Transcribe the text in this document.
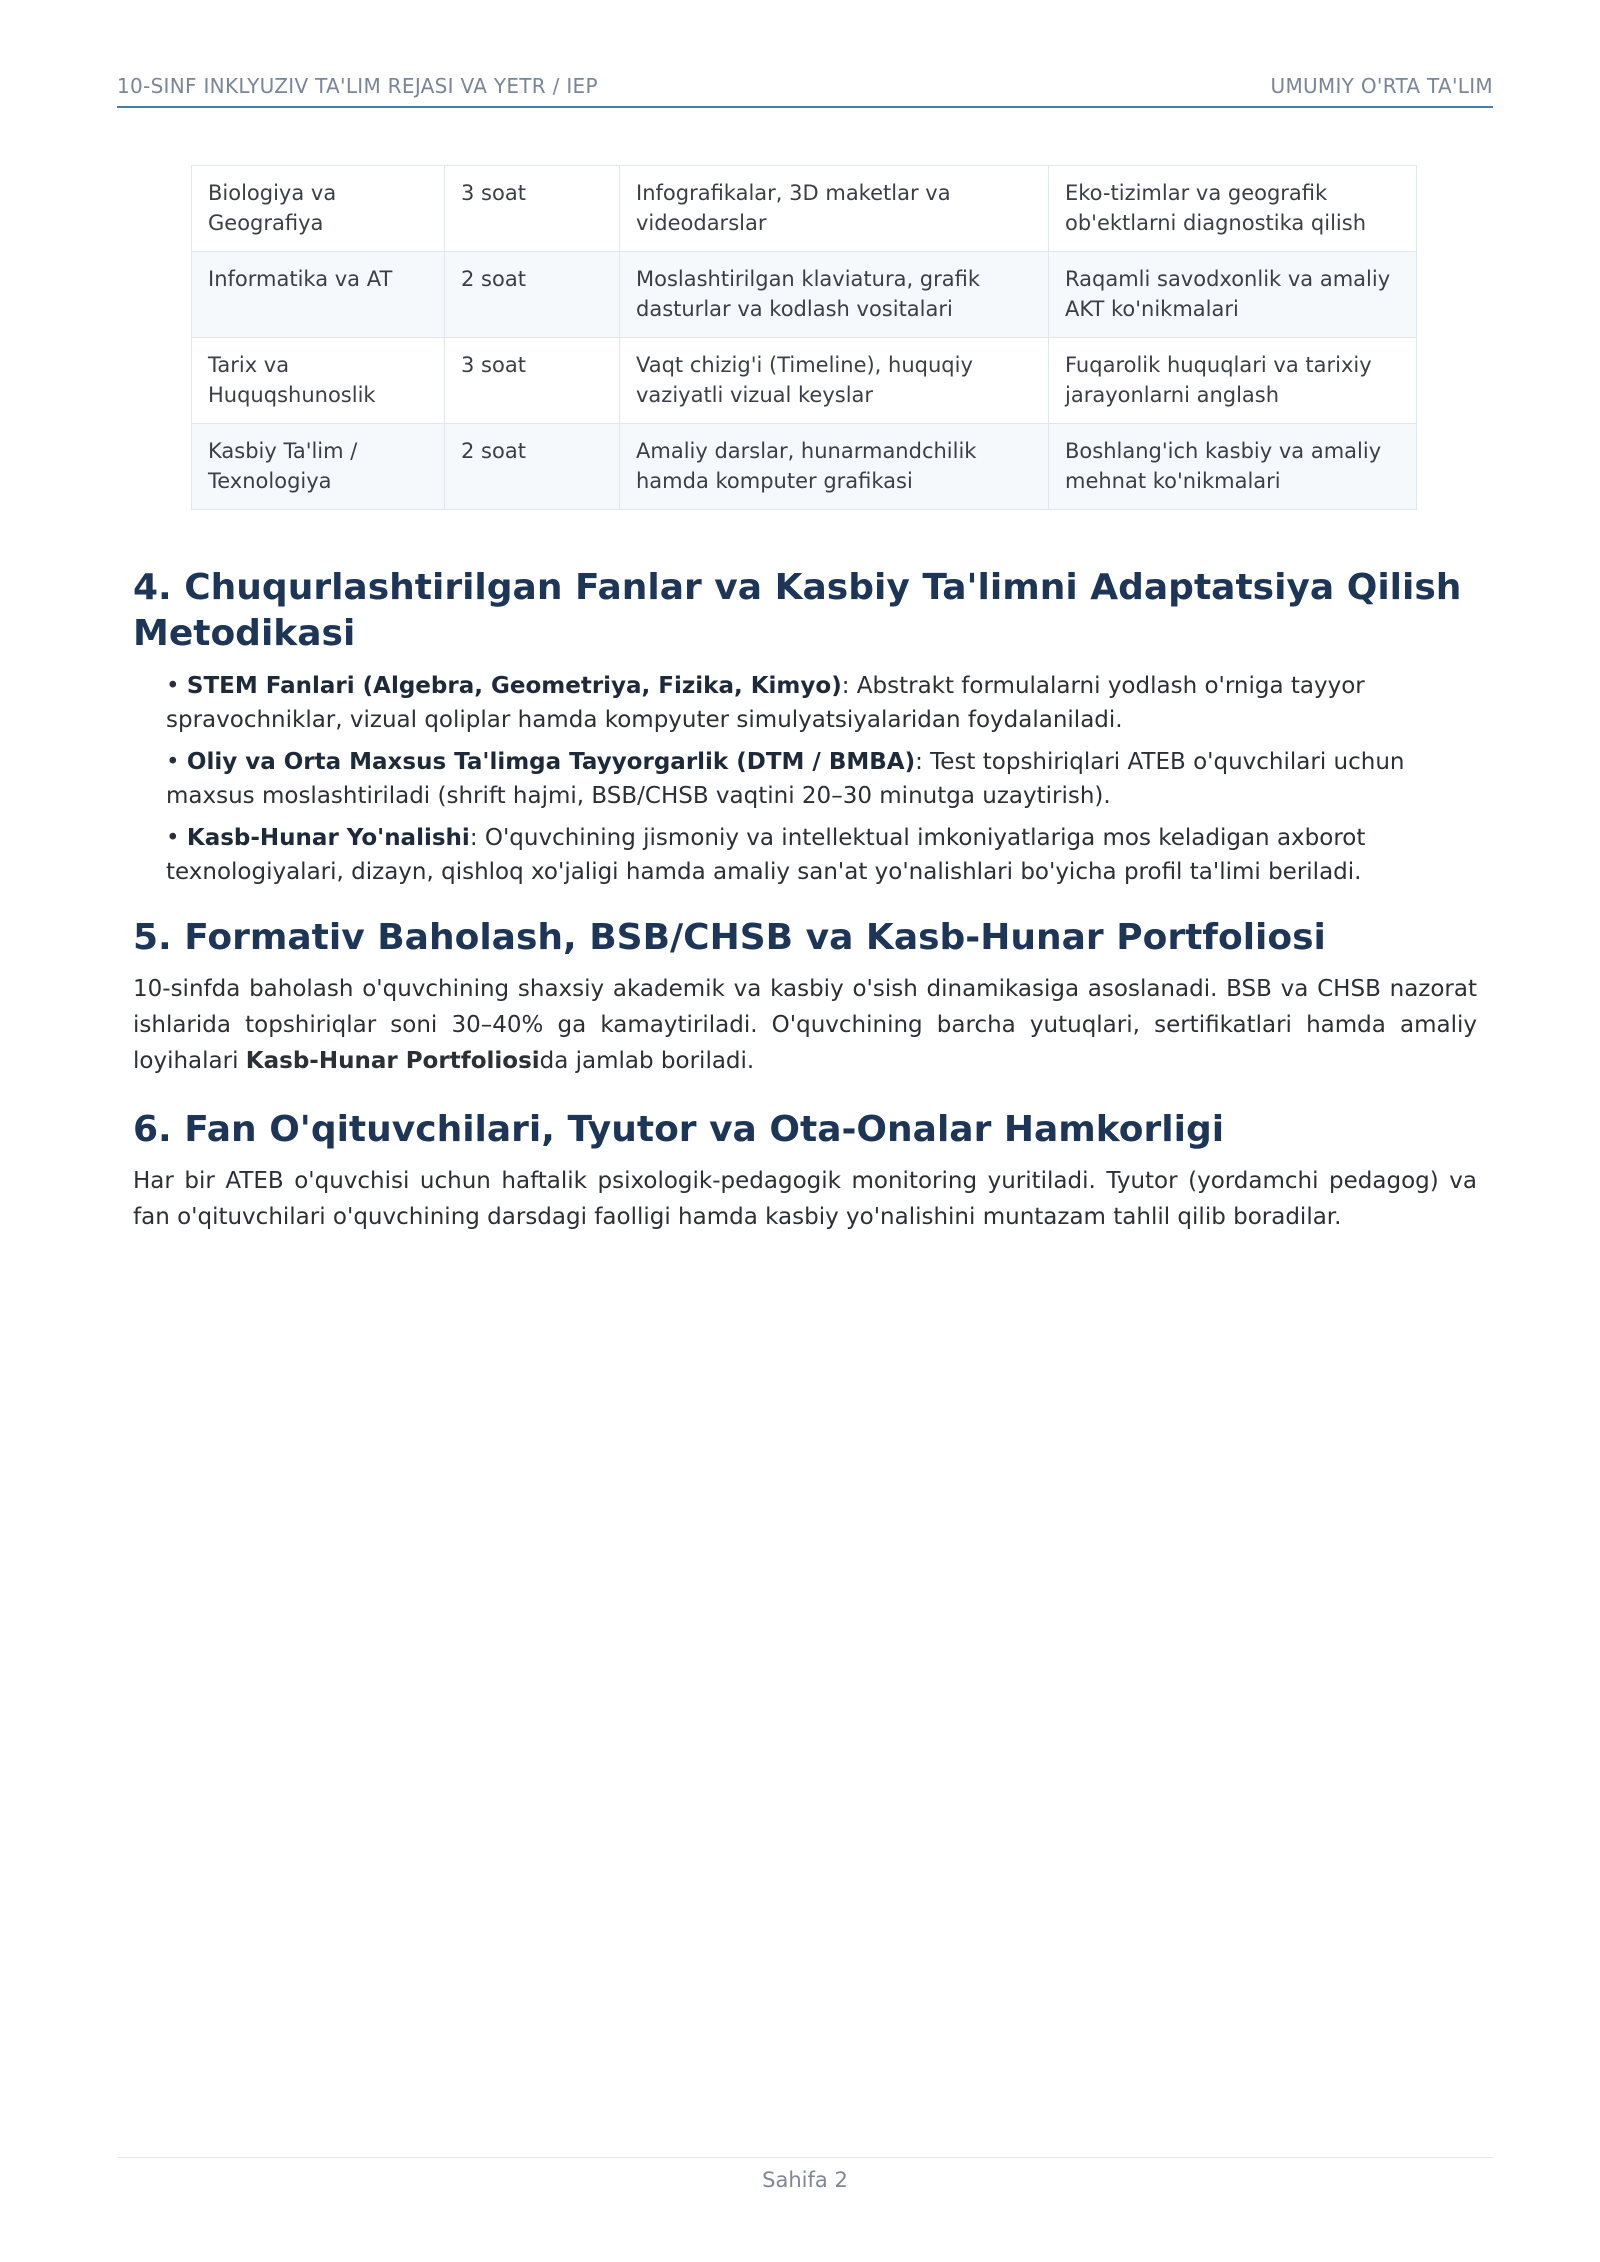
10-SINF INKLYUZIV TA'LIM REJASI VA YETR / IEP	UMUMIY O'RTA TA'LIM
Biologiya va Geografiya	3 soat	Infografikalar, 3D maketlar va videodarslar	Eko-tizimlar va geografik ob'ektlarni diagnostika qilish
Informatika va AT	2 soat	Moslashtirilgan klaviatura, grafik dasturlar va kodlash vositalari	Raqamli savodxonlik va amaliy AKT ko'nikmalari
Tarix va Huquqshunoslik	3 soat	Vaqt chizig'i (Timeline), huquqiy vaziyatli vizual keyslar	Fuqarolik huquqlari va tarixiy jarayonlarni anglash
Kasbiy Ta'lim / Texnologiya	2 soat	Amaliy darslar, hunarmandchilik hamda komputer grafikasi	Boshlang'ich kasbiy va amaliy mehnat ko'nikmalari
4. Chuqurlashtirilgan Fanlar va Kasbiy Ta'limni Adaptatsiya Qilish Metodikasi
• STEM Fanlari (Algebra, Geometriya, Fizika, Kimyo): Abstrakt formulalarni yodlash o'rniga tayyor spravochniklar, vizual qoliplar hamda kompyuter simulyatsiyalaridan foydalaniladi.
• Oliy va Orta Maxsus Ta'limga Tayyorgarlik (DTM / BMBA): Test topshiriqlari ATEB o'quvchilari uchun maxsus moslashtiriladi (shrift hajmi, BSB/CHSB vaqtini 20–30 minutga uzaytirish).
• Kasb-Hunar Yo'nalishi: O'quvchining jismoniy va intellektual imkoniyatlariga mos keladigan axborot texnologiyalari, dizayn, qishloq xo'jaligi hamda amaliy san'at yo'nalishlari bo'yicha profil ta'limi beriladi.
5. Formativ Baholash, BSB/CHSB va Kasb-Hunar Portfoliosi

10-sinfda baholash o'quvchining shaxsiy akademik va kasbiy o'sish dinamikasiga asoslanadi. BSB va CHSB nazorat ishlarida topshiriqlar soni 30–40% ga kamaytiriladi. O'quvchining barcha yutuqlari, sertifikatlari hamda amaliy loyihalari Kasb-Hunar Portfoliosida jamlab boriladi.

6. Fan O'qituvchilari, Tyutor va Ota-Onalar Hamkorligi

Har bir ATEB o'quvchisi uchun haftalik psixologik-pedagogik monitoring yuritiladi. Tyutor (yordamchi pedagog) va fan o'qituvchilari o'quvchining darsdagi faolligi hamda kasbiy yo'nalishini muntazam tahlil qilib boradilar.

Sahifa 2
